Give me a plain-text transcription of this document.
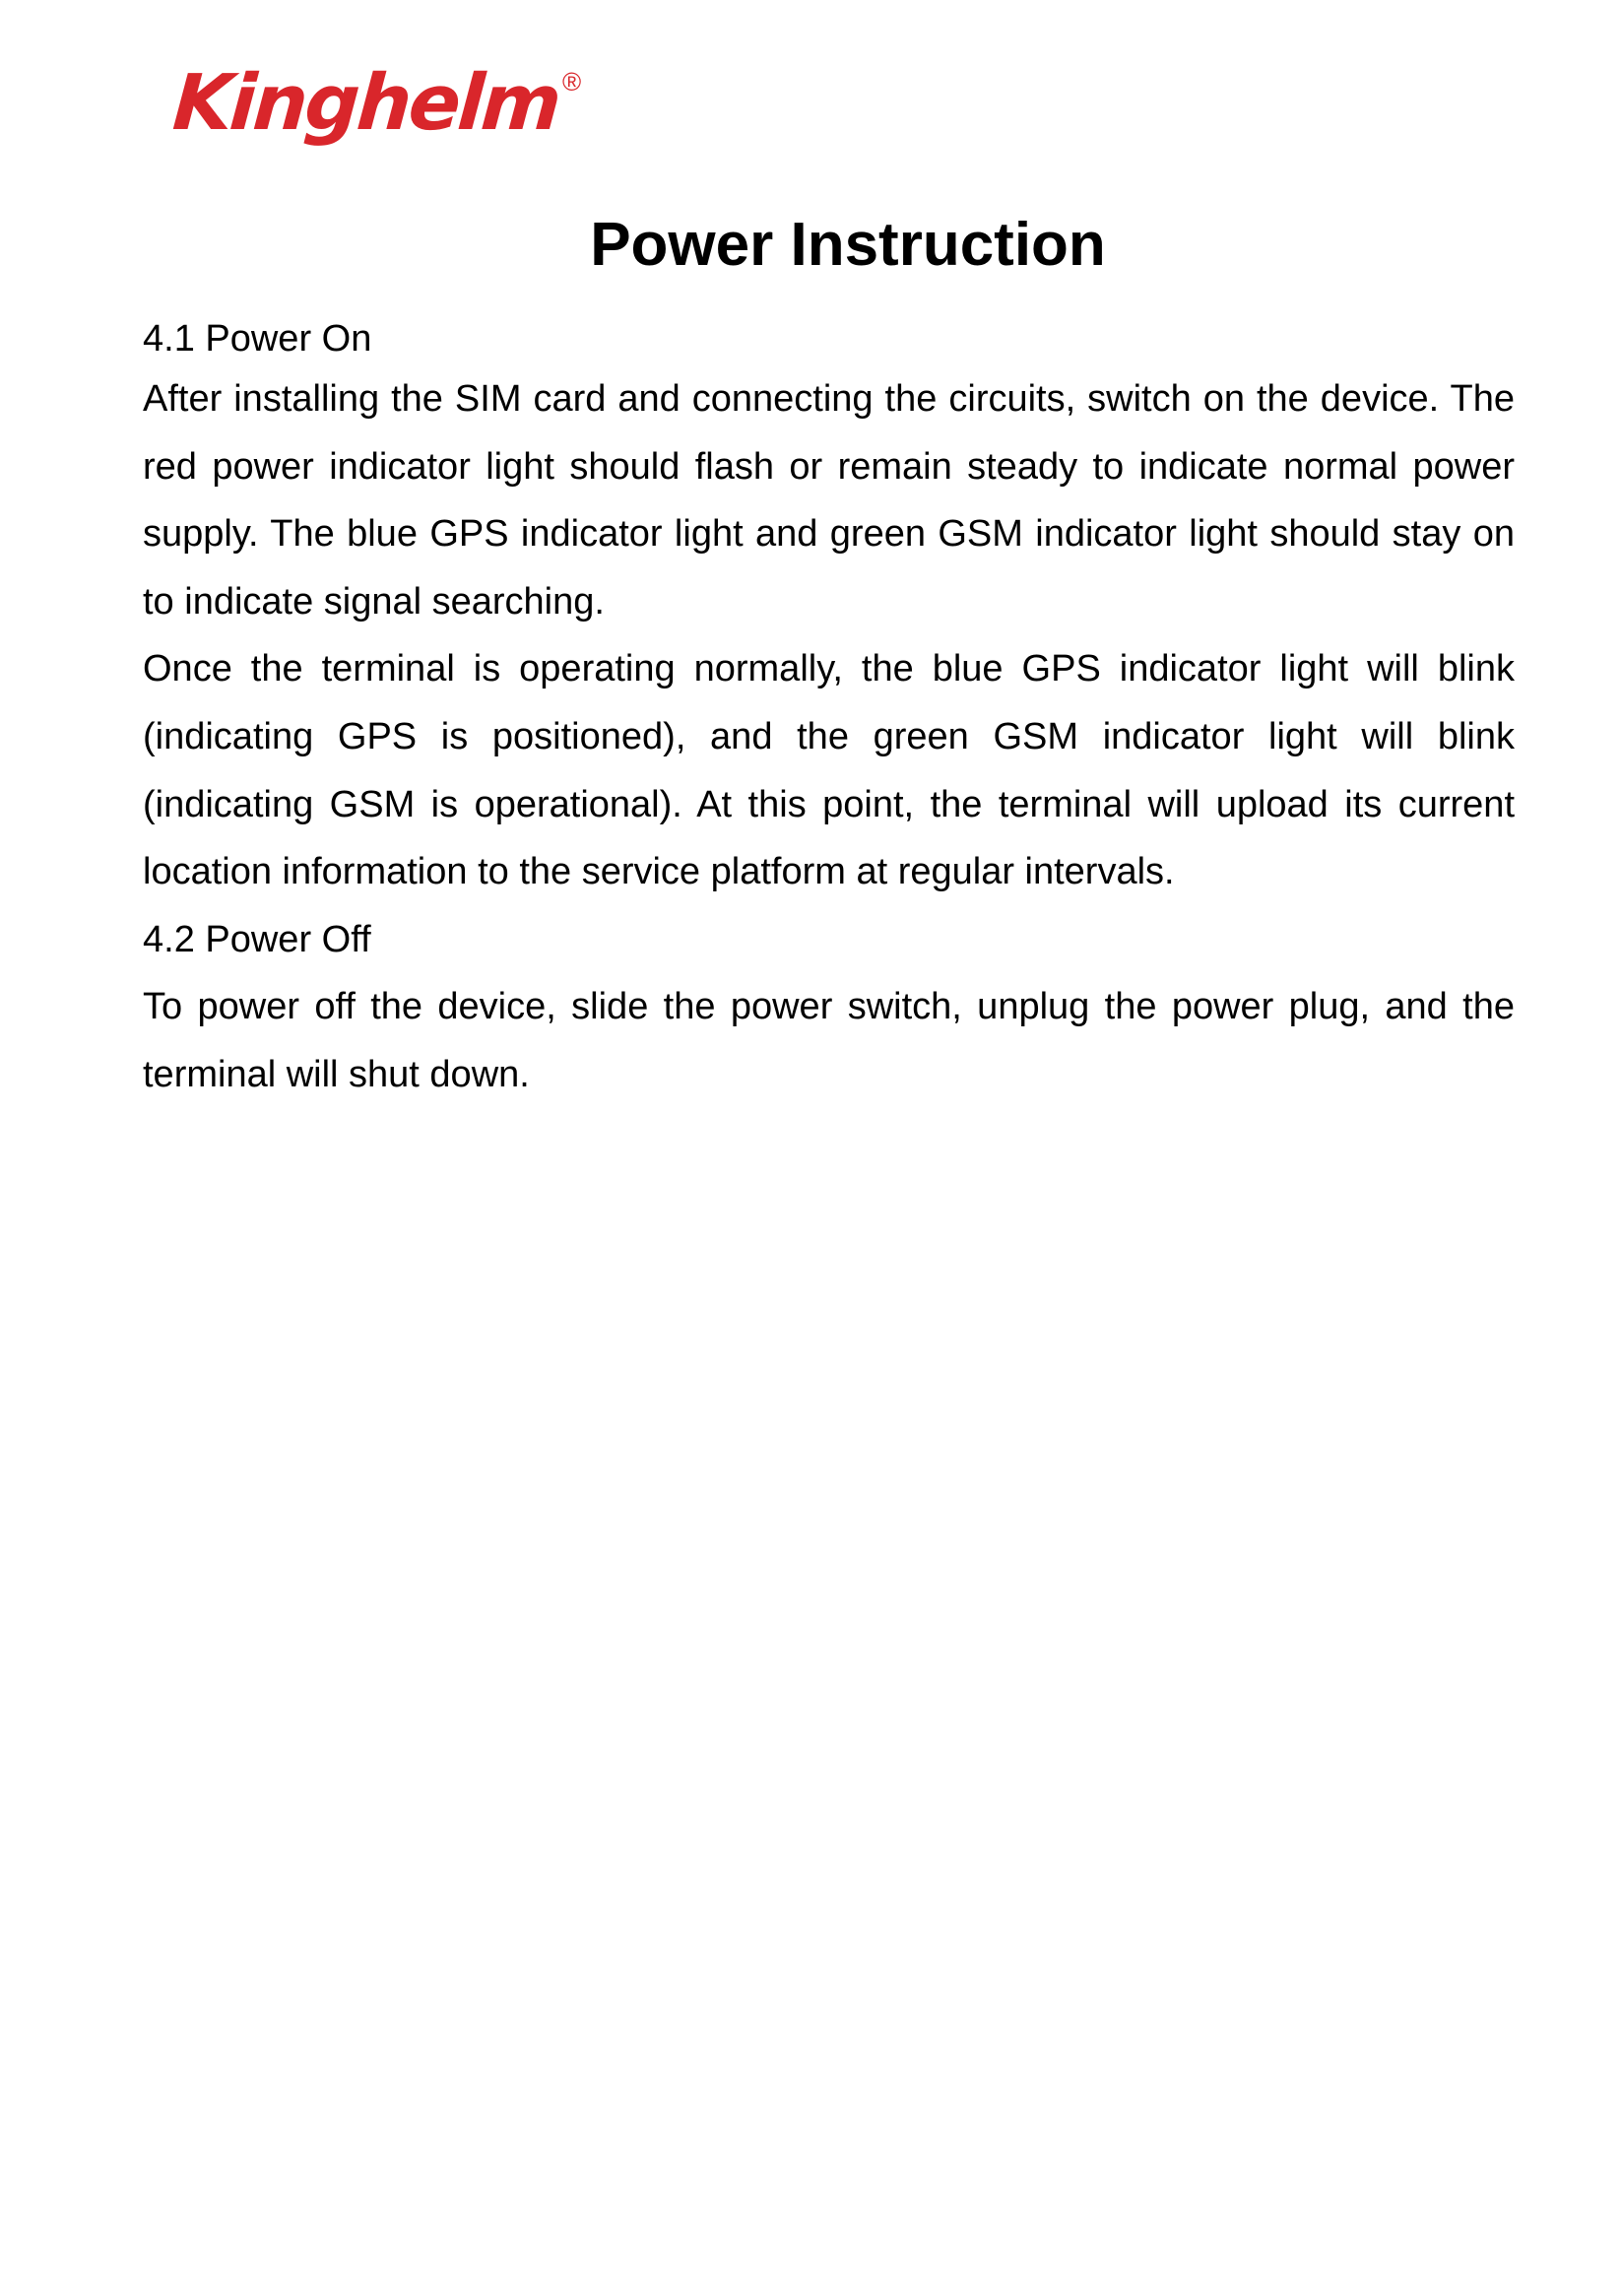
Kinghelm ®
Power Instruction

4.1 Power On

After installing the SIM card and connecting the circuits, switch on the device. The red power indicator light should flash or remain steady to indicate normal power supply. The blue GPS indicator light and green GSM indicator light should stay on to indicate signal searching.

Once the terminal is operating normally, the blue GPS indicator light will blink (indicating GPS is positioned), and the green GSM indicator light will blink (indicating GSM is operational). At this point, the terminal will upload its current location information to the service platform at regular intervals.

4.2 Power Off

To power off the device, slide the power switch, unplug the power plug, and the terminal will shut down.
